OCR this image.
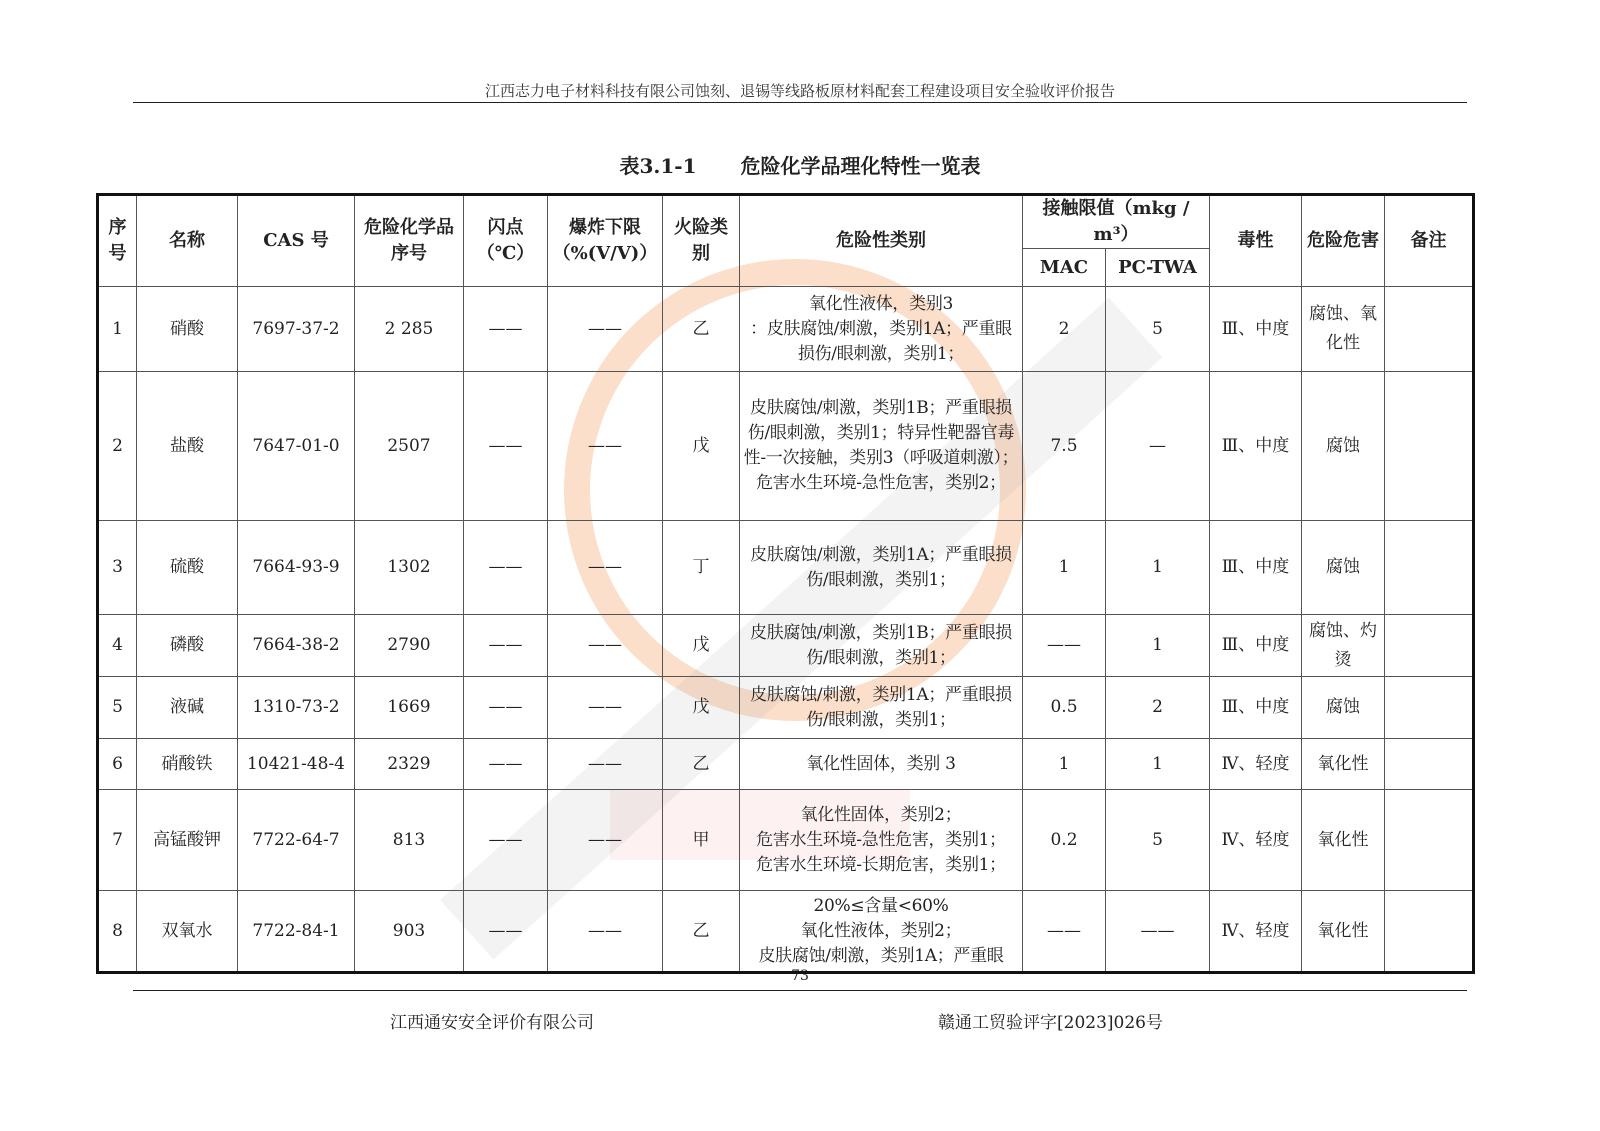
江西志力电子材料科技有限公司蚀刻、退锡等线路板原材料配套工程建设项目安全验收评价报告
表3.1-1 危险化学品理化特性一览表
序号	名称	CAS 号	危险化学品序号	闪点（℃）	爆炸下限（%(V/V)）	火险类别	危险性类别	接触限值（mkg / m³）		毒性	危险危害	备注
								MAC	PC-TWA			
1	硝酸	7697-37-2	2 285	——	——	乙	氧化性液体，类别3
：皮肤腐蚀/刺激，类别1A；严重眼损伤/眼刺激，类别1；	2	5	Ⅲ、中度	腐蚀、氧化性	
2	盐酸	7647-01-0	2507	——	——	戊	皮肤腐蚀/刺激，类别1B；严重眼损伤/眼刺激，类别1；特异性靶器官毒性-一次接触，类别3（呼吸道刺激）；危害水生环境-急性危害，类别2；	7.5	—	Ⅲ、中度	腐蚀	
3	硫酸	7664-93-9	1302	——	——	丁	皮肤腐蚀/刺激，类别1A；严重眼损伤/眼刺激，类别1；	1	1	Ⅲ、中度	腐蚀	
4	磷酸	7664-38-2	2790	——	——	戊	皮肤腐蚀/刺激，类别1B；严重眼损伤/眼刺激，类别1；	——	1	Ⅲ、中度	腐蚀、灼烫	
5	液碱	1310-73-2	1669	——	——	戊	皮肤腐蚀/刺激，类别1A；严重眼损伤/眼刺激，类别1；	0.5	2	Ⅲ、中度	腐蚀	
6	硝酸铁	10421-48-4	2329	——	——	乙	氧化性固体，类别 3	1	1	Ⅳ、轻度	氧化性	
7	高锰酸钾	7722-64-7	813	——	——	甲	氧化性固体，类别2；
危害水生环境-急性危害，类别1；
危害水生环境-长期危害，类别1；	0.2	5	Ⅳ、轻度	氧化性	
8	双氧水	7722-84-1	903	——	——	乙	20%≤含量<60%
氧化性液体，类别2；
皮肤腐蚀/刺激，类别1A；严重眼	——	——	Ⅳ、轻度	氧化性	
73
江西通安安全评价有限公司	赣通工贸验评字[2023]026号
